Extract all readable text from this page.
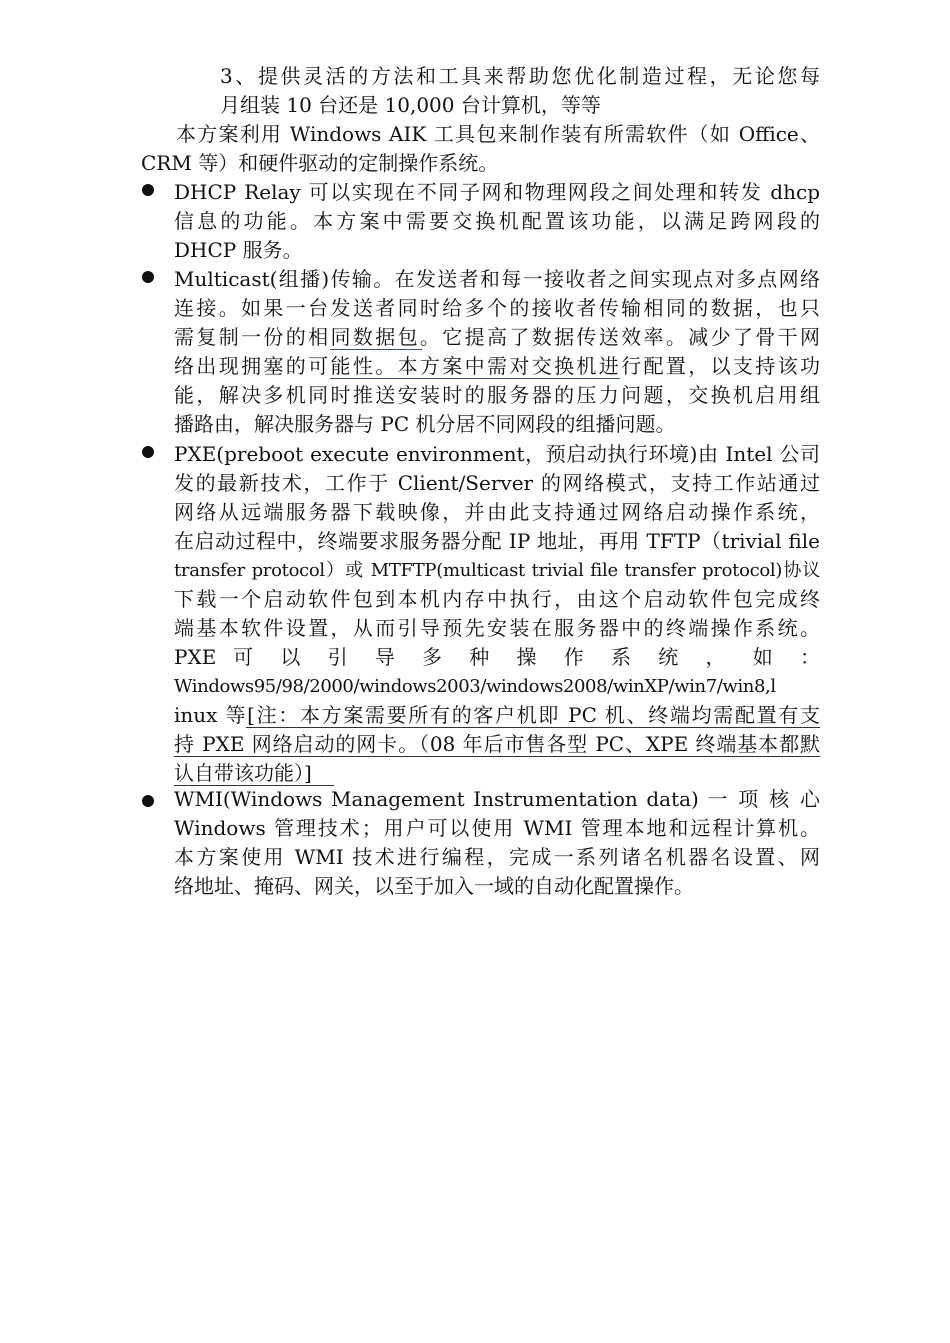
3、提供灵活的方法和工具来帮助您优化制造过程，无论您每
月组装 10 台还是 10,000 台计算机，等等
本方案利用 Windows AIK 工具包来制作装有所需软件（如 Office、
CRM 等）和硬件驱动的定制操作系统。
DHCP Relay 可以实现在不同子网和物理网段之间处理和转发 dhcp
信息的功能。本方案中需要交换机配置该功能，以满足跨网段的
DHCP 服务。
Multicast(组播)传输。在发送者和每一接收者之间实现点对多点网络
连接。如果一台发送者同时给多个的接收者传输相同的数据，也只
需复制一份的相同数据包。它提高了数据传送效率。减少了骨干网
络出现拥塞的可能性。本方案中需对交换机进行配置，以支持该功
能，解决多机同时推送安装时的服务器的压力问题，交换机启用组
播路由，解决服务器与 PC 机分居不同网段的组播问题。
PXE(preboot execute environment，预启动执行环境)由 Intel 公司
发的最新技术，工作于 Client/Server 的网络模式，支持工作站通过
网络从远端服务器下载映像，并由此支持通过网络启动操作系统，
在启动过程中，终端要求服务器分配 IP 地址，再用 TFTP（trivial file
transfer protocol）或 MTFTP(multicast trivial file transfer protocol)协议
下载一个启动软件包到本机内存中执行，由这个启动软件包完成终
端基本软件设置，从而引导预先安装在服务器中的终端操作系统。
PXE 可 以 引 导 多 种 操 作 系 统 ， 如 ：
Windows95/98/2000/windows2003/windows2008/winXP/win7/win8,l
inux 等[注：本方案需要所有的客户机即 PC 机、终端均需配置有支
持 PXE 网络启动的网卡。（08 年后市售各型 PC、XPE 终端基本都默
认自带该功能）]
WMI(Windows Management Instrumentation data) 一 项 核 心
Windows 管理技术；用户可以使用 WMI 管理本地和远程计算机。
本方案使用 WMI 技术进行编程，完成一系列诸名机器名设置、网
络地址、掩码、网关，以至于加入一域的自动化配置操作。
